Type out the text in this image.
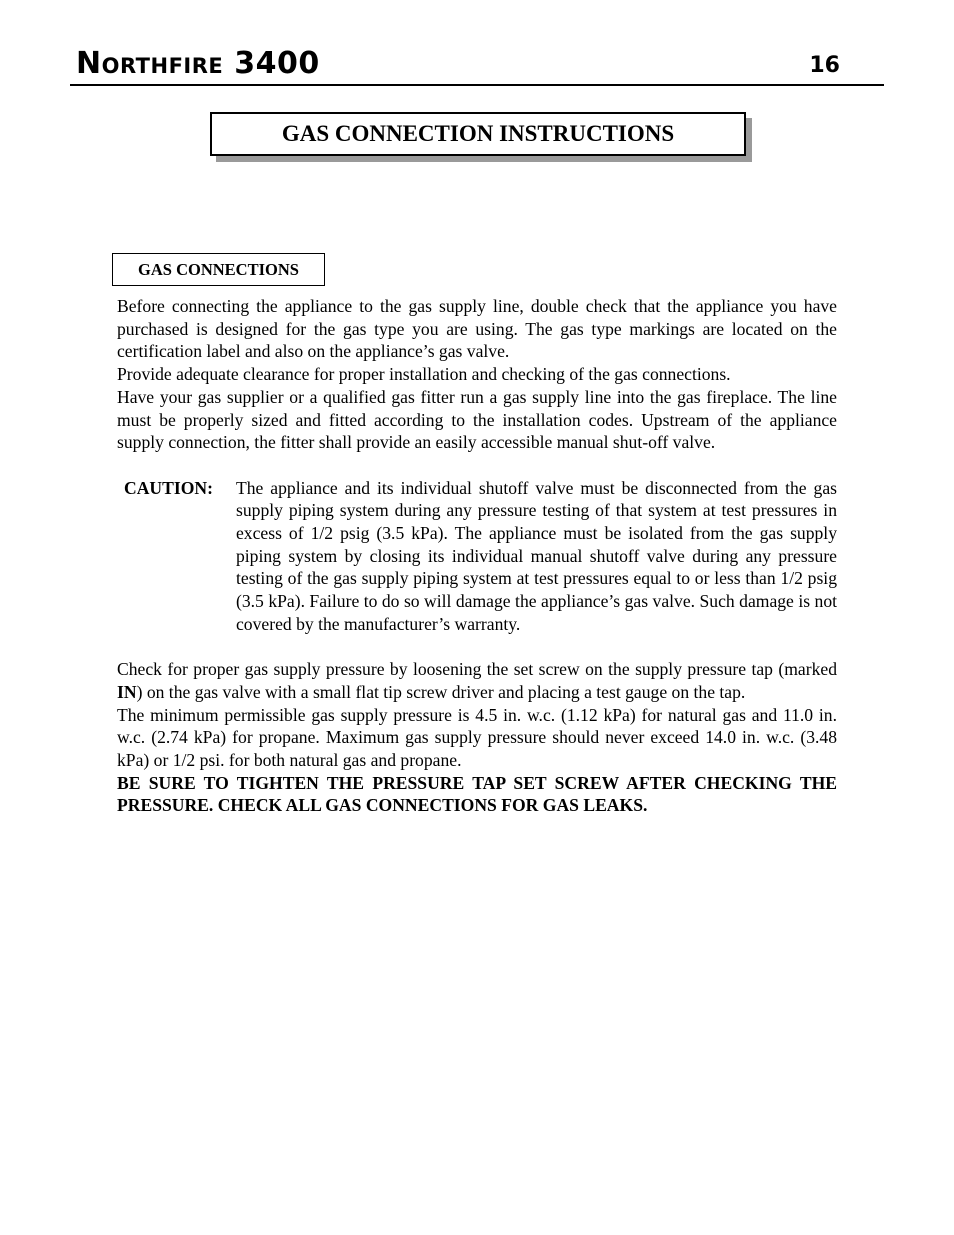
Northfire 3400	16
GAS CONNECTION INSTRUCTIONS
GAS CONNECTIONS

Before connecting the appliance to the gas supply line, double check that the appliance you have purchased is designed for the gas type you are using. The gas type markings are located on the certification label and also on the appliance’s gas valve.

Provide adequate clearance for proper installation and checking of the gas connections.

Have your gas supplier or a qualified gas fitter run a gas supply line into the gas fireplace. The line must be properly sized and fitted according to the installation codes. Upstream of the appliance supply connection, the fitter shall provide an easily accessible manual shut-off valve.

CAUTION:	The appliance and its individual shutoff valve must be disconnected from the gas supply piping system during any pressure testing of that system at test pressures in excess of 1/2 psig (3.5 kPa). The appliance must be isolated from the gas supply piping system by closing its individual manual shutoff valve during any pressure testing of the gas supply piping system at test pressures equal to or less than 1/2 psig (3.5 kPa). Failure to do so will damage the appliance’s gas valve. Such damage is not covered by the manufacturer’s warranty.

Check for proper gas supply pressure by loosening the set screw on the supply pressure tap (marked IN) on the gas valve with a small flat tip screw driver and placing a test gauge on the tap.

The minimum permissible gas supply pressure is 4.5 in. w.c. (1.12 kPa) for natural gas and 11.0 in. w.c. (2.74 kPa) for propane. Maximum gas supply pressure should never exceed 14.0 in. w.c. (3.48 kPa) or 1/2 psi. for both natural gas and propane.

BE SURE TO TIGHTEN THE PRESSURE TAP SET SCREW AFTER CHECKING THE PRESSURE. CHECK ALL GAS CONNECTIONS FOR GAS LEAKS.
